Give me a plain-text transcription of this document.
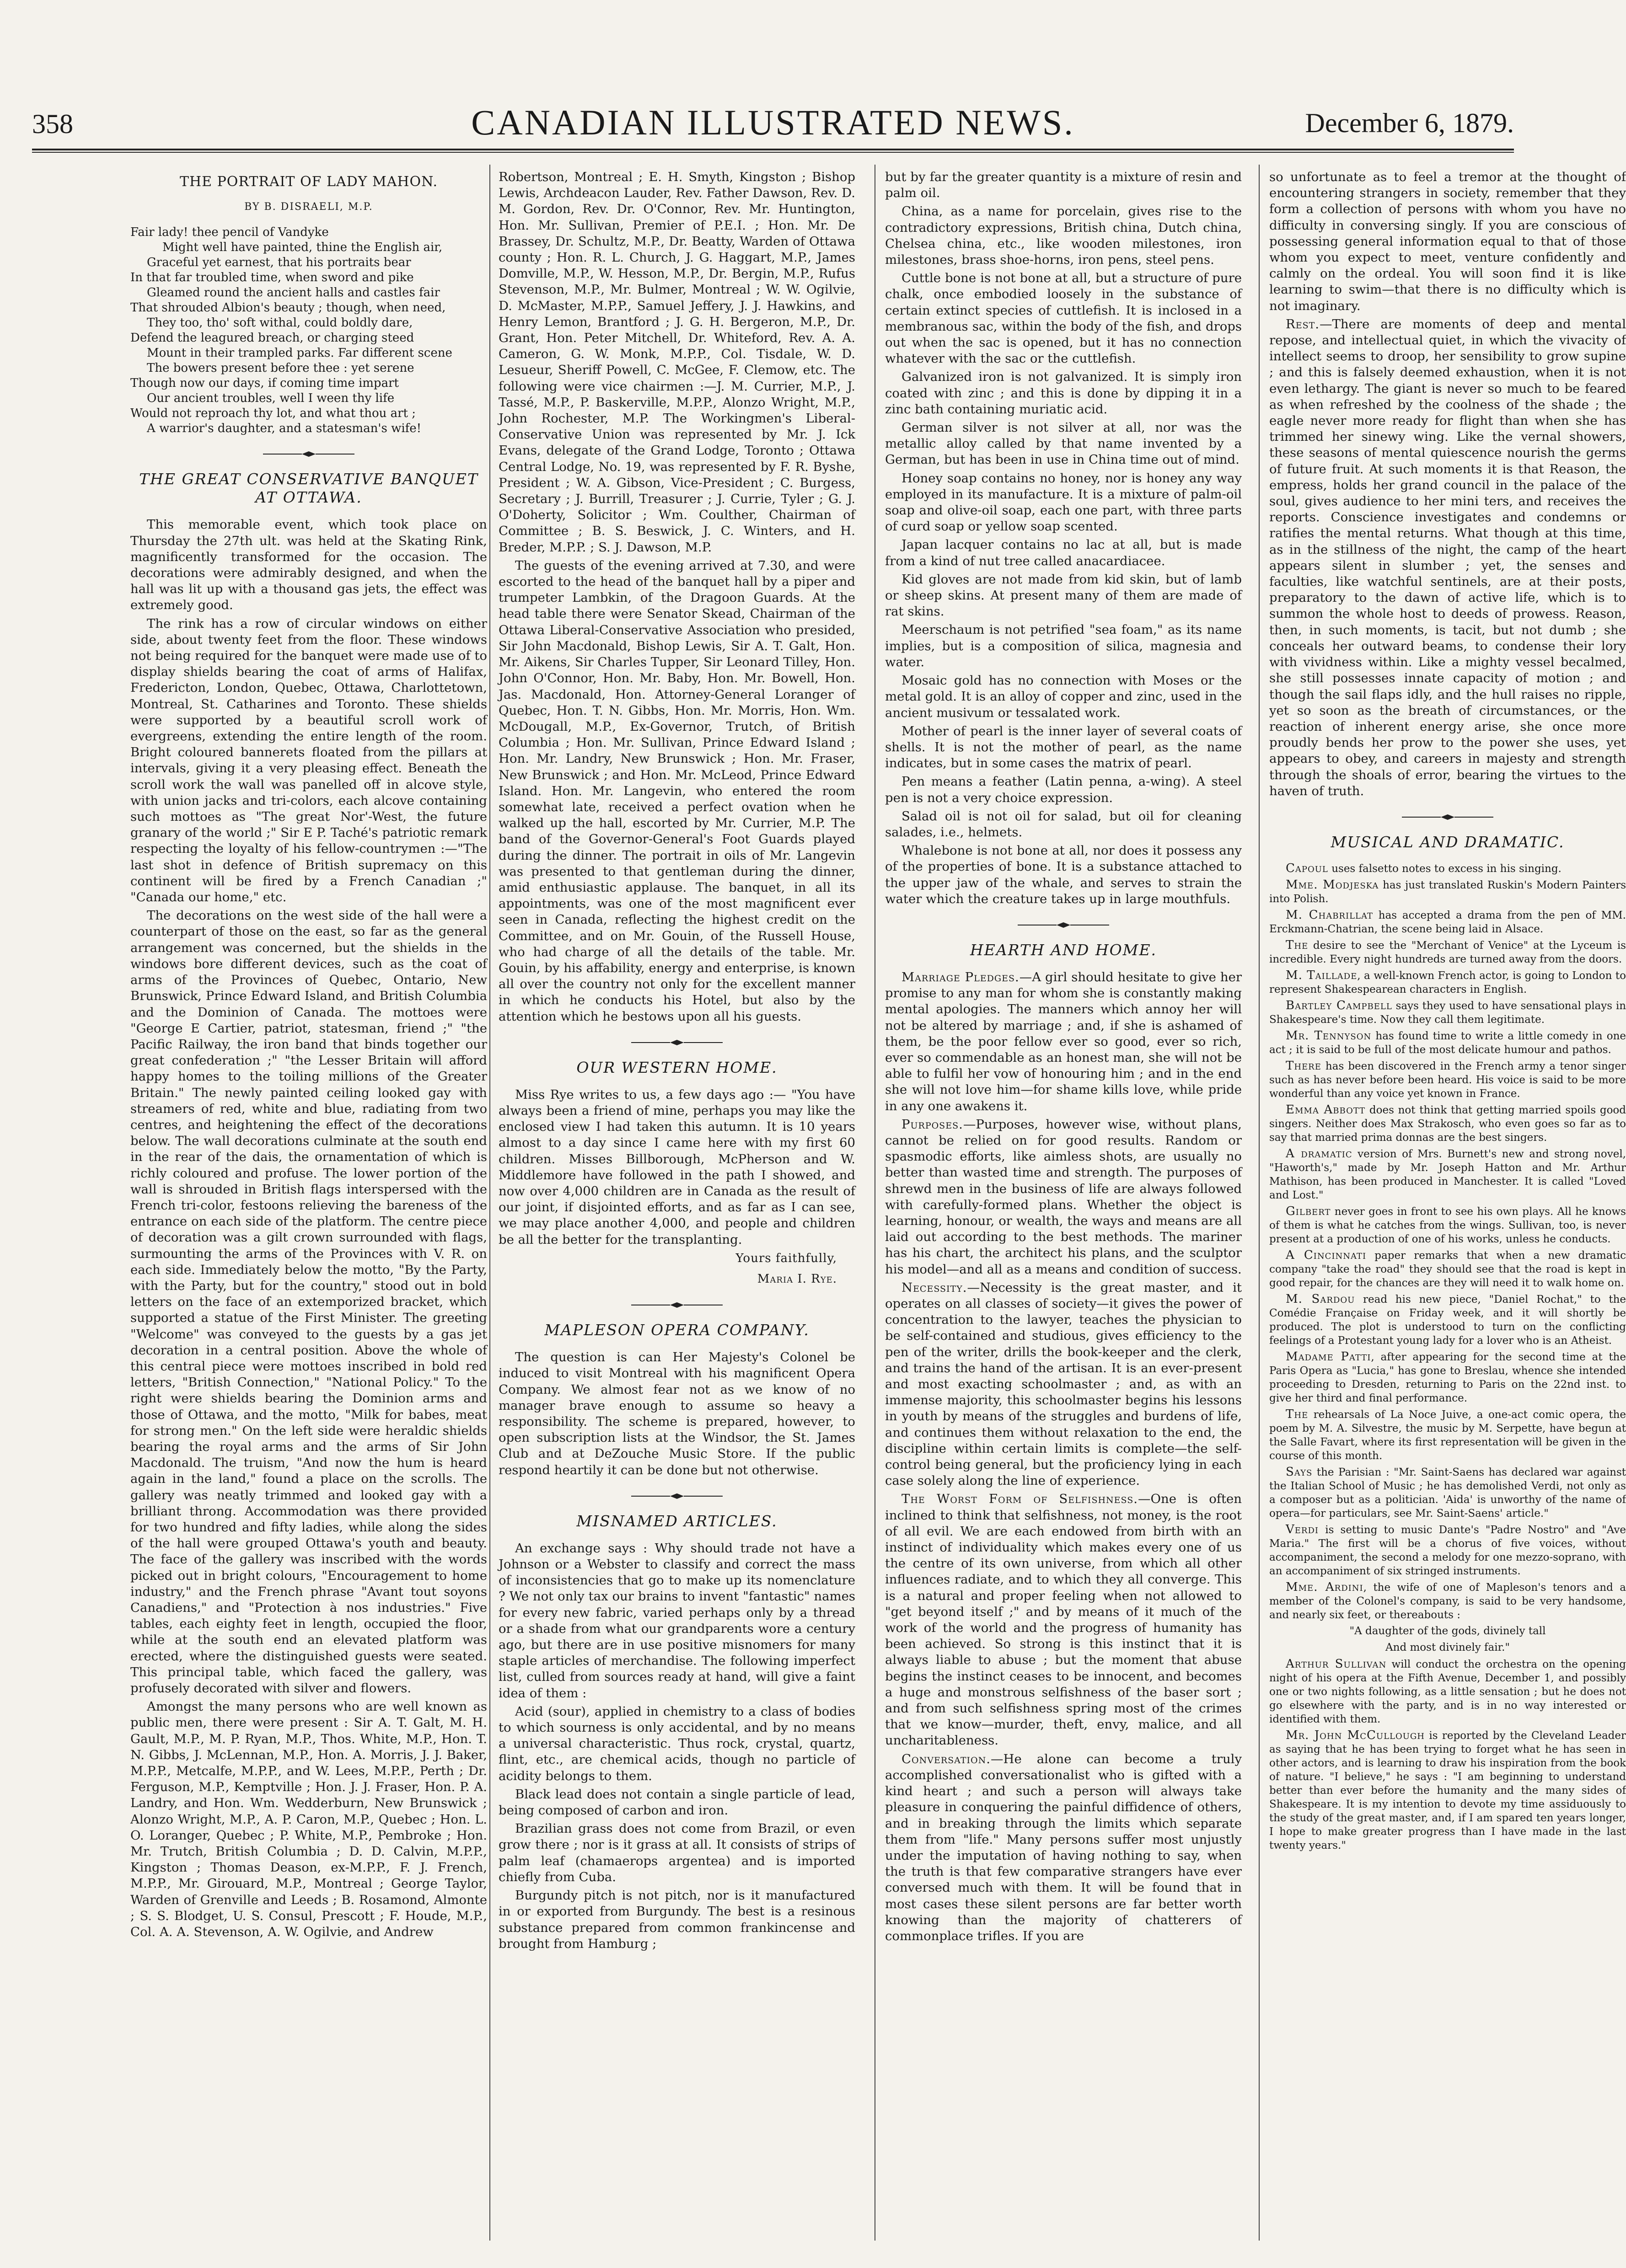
358	CANADIAN ILLUSTRATED NEWS.	December 6, 1879.
THE PORTRAIT OF LADY MAHON.
BY B. DISRAELI, M.P.
Fair lady! thee pencil of Vandyke
Might well have painted, thine the English air,
Graceful yet earnest, that his portraits bear
In that far troubled time, when sword and pike
Gleamed round the ancient halls and castles fair
That shrouded Albion's beauty ; though, when need,
They too, tho' soft withal, could boldly dare,
Defend the leagured breach, or charging steed
Mount in their trampled parks. Far different scene
The bowers present before thee : yet serene
Though now our days, if coming time impart
Our ancient troubles, well I ween thy life
Would not reproach thy lot, and what thou art ;
A warrior's daughter, and a statesman's wife!
THE GREAT CONSERVATIVE BANQUET AT OTTAWA.

This memorable event, which took place on Thursday the 27th ult. was held at the Skating Rink, magnificently transformed for the occasion. The decorations were admirably designed, and when the hall was lit up with a thousand gas jets, the effect was extremely good.

The rink has a row of circular windows on either side, about twenty feet from the floor. These windows not being required for the banquet were made use of to display shields bearing the coat of arms of Halifax, Fredericton, London, Quebec, Ottawa, Charlottetown, Montreal, St. Catharines and Toronto. These shields were supported by a beautiful scroll work of evergreens, extending the entire length of the room. Bright coloured bannerets floated from the pillars at intervals, giving it a very pleasing effect. Beneath the scroll work the wall was panelled off in alcove style, with union jacks and tri-colors, each alcove containing such mottoes as "The great Nor'-West, the future granary of the world ;" Sir E P. Taché's patriotic remark respecting the loyalty of his fellow-countrymen :—"The last shot in defence of British supremacy on this continent will be fired by a French Canadian ;" "Canada our home," etc.

The decorations on the west side of the hall were a counterpart of those on the east, so far as the general arrangement was concerned, but the shields in the windows bore different devices, such as the coat of arms of the Provinces of Quebec, Ontario, New Brunswick, Prince Edward Island, and British Columbia and the Dominion of Canada. The mottoes were "George E Cartier, patriot, statesman, friend ;" "the Pacific Railway, the iron band that binds together our great confederation ;" "the Lesser Britain will afford happy homes to the toiling millions of the Greater Britain." The newly painted ceiling looked gay with streamers of red, white and blue, radiating from two centres, and heightening the effect of the decorations below. The wall decorations culminate at the south end in the rear of the dais, the ornamentation of which is richly coloured and profuse. The lower portion of the wall is shrouded in British flags interspersed with the French tri-color, festoons relieving the bareness of the entrance on each side of the platform. The centre piece of decoration was a gilt crown surrounded with flags, surmounting the arms of the Provinces with V. R. on each side. Immediately below the motto, "By the Party, with the Party, but for the country," stood out in bold letters on the face of an extemporized bracket, which supported a statue of the First Minister. The greeting "Welcome" was conveyed to the guests by a gas jet decoration in a central position. Above the whole of this central piece were mottoes inscribed in bold red letters, "British Connection," "National Policy." To the right were shields bearing the Dominion arms and those of Ottawa, and the motto, "Milk for babes, meat for strong men." On the left side were heraldic shields bearing the royal arms and the arms of Sir John Macdonald. The truism, "And now the hum is heard again in the land," found a place on the scrolls. The gallery was neatly trimmed and looked gay with a brilliant throng. Accommodation was there provided for two hundred and fifty ladies, while along the sides of the hall were grouped Ottawa's youth and beauty. The face of the gallery was inscribed with the words picked out in bright colours, "Encouragement to home industry," and the French phrase "Avant tout soyons Canadiens," and "Protection à nos industries." Five tables, each eighty feet in length, occupied the floor, while at the south end an elevated platform was erected, where the distinguished guests were seated. This principal table, which faced the gallery, was profusely decorated with silver and flowers.

Amongst the many persons who are well known as public men, there were present : Sir A. T. Galt, M. H. Gault, M.P., M. P. Ryan, M.P., Thos. White, M.P., Hon. T. N. Gibbs, J. McLennan, M.P., Hon. A. Morris, J. J. Baker, M.P.P., Metcalfe, M.P.P., and W. Lees, M.P.P., Perth ; Dr. Ferguson, M.P., Kemptville ; Hon. J. J. Fraser, Hon. P. A. Landry, and Hon. Wm. Wedderburn, New Brunswick ; Alonzo Wright, M.P., A. P. Caron, M.P., Quebec ; Hon. L. O. Loranger, Quebec ; P. White, M.P., Pembroke ; Hon. Mr. Trutch, British Columbia ; D. D. Calvin, M.P.P., Kingston ; Thomas Deason, ex-M.P.P., F. J. French, M.P.P., Mr. Girouard, M.P., Montreal ; George Taylor, Warden of Grenville and Leeds ; B. Rosamond, Almonte ; S. S. Blodget, U. S. Consul, Prescott ; F. Houde, M.P., Col. A. A. Stevenson, A. W. Ogilvie, and Andrew

Robertson, Montreal ; E. H. Smyth, Kingston ; Bishop Lewis, Archdeacon Lauder, Rev. Father Dawson, Rev. D. M. Gordon, Rev. Dr. O'Connor, Rev. Mr. Huntington, Hon. Mr. Sullivan, Premier of P.E.I. ; Hon. Mr. De Brassey, Dr. Schultz, M.P., Dr. Beatty, Warden of Ottawa county ; Hon. R. L. Church, J. G. Haggart, M.P., James Domville, M.P., W. Hesson, M.P., Dr. Bergin, M.P., Rufus Stevenson, M.P., Mr. Bulmer, Montreal ; W. W. Ogilvie, D. McMaster, M.P.P., Samuel Jeffery, J. J. Hawkins, and Henry Lemon, Brantford ; J. G. H. Bergeron, M.P., Dr. Grant, Hon. Peter Mitchell, Dr. Whiteford, Rev. A. A. Cameron, G. W. Monk, M.P.P., Col. Tisdale, W. D. Lesueur, Sheriff Powell, C. McGee, F. Clemow, etc. The following were vice chairmen :—J. M. Currier, M.P., J. Tassé, M.P., P. Baskerville, M.P.P., Alonzo Wright, M.P., John Rochester, M.P. The Workingmen's Liberal-Conservative Union was represented by Mr. J. Ick Evans, delegate of the Grand Lodge, Toronto ; Ottawa Central Lodge, No. 19, was represented by F. R. Byshe, President ; W. A. Gibson, Vice-President ; C. Burgess, Secretary ; J. Burrill, Treasurer ; J. Currie, Tyler ; G. J. O'Doherty, Solicitor ; Wm. Coulther, Chairman of Committee ; B. S. Beswick, J. C. Winters, and H. Breder, M.P.P. ; S. J. Dawson, M.P.

The guests of the evening arrived at 7.30, and were escorted to the head of the banquet hall by a piper and trumpeter Lambkin, of the Dragoon Guards. At the head table there were Senator Skead, Chairman of the Ottawa Liberal-Conservative Association who presided, Sir John Macdonald, Bishop Lewis, Sir A. T. Galt, Hon. Mr. Aikens, Sir Charles Tupper, Sir Leonard Tilley, Hon. John O'Connor, Hon. Mr. Baby, Hon. Mr. Bowell, Hon. Jas. Macdonald, Hon. Attorney-General Loranger of Quebec, Hon. T. N. Gibbs, Hon. Mr. Morris, Hon. Wm. McDougall, M.P., Ex-Governor, Trutch, of British Columbia ; Hon. Mr. Sullivan, Prince Edward Island ; Hon. Mr. Landry, New Brunswick ; Hon. Mr. Fraser, New Brunswick ; and Hon. Mr. McLeod, Prince Edward Island. Hon. Mr. Langevin, who entered the room somewhat late, received a perfect ovation when he walked up the hall, escorted by Mr. Currier, M.P. The band of the Governor-General's Foot Guards played during the dinner. The portrait in oils of Mr. Langevin was presented to that gentleman during the dinner, amid enthusiastic applause. The banquet, in all its appointments, was one of the most magnificent ever seen in Canada, reflecting the highest credit on the Committee, and on Mr. Gouin, of the Russell House, who had charge of all the details of the table. Mr. Gouin, by his affability, energy and enterprise, is known all over the country not only for the excellent manner in which he conducts his Hotel, but also by the attention which he bestows upon all his guests.

OUR WESTERN HOME.

Miss Rye writes to us, a few days ago :— "You have always been a friend of mine, perhaps you may like the enclosed view I had taken this autumn. It is 10 years almost to a day since I came here with my first 60 children. Misses Billborough, McPherson and W. Middlemore have followed in the path I showed, and now over 4,000 children are in Canada as the result of our joint, if disjointed efforts, and as far as I can see, we may place another 4,000, and people and children be all the better for the transplanting.

Yours faithfully,
Maria I. Rye.
MAPLESON OPERA COMPANY.

The question is can Her Majesty's Colonel be induced to visit Montreal with his magnificent Opera Company. We almost fear not as we know of no manager brave enough to assume so heavy a responsibility. The scheme is prepared, however, to open subscription lists at the Windsor, the St. James Club and at DeZouche Music Store. If the public respond heartily it can be done but not otherwise.

MISNAMED ARTICLES.

An exchange says : Why should trade not have a Johnson or a Webster to classify and correct the mass of inconsistencies that go to make up its nomenclature ? We not only tax our brains to invent "fantastic" names for every new fabric, varied perhaps only by a thread or a shade from what our grandparents wore a century ago, but there are in use positive misnomers for many staple articles of merchandise. The following imperfect list, culled from sources ready at hand, will give a faint idea of them :

Acid (sour), applied in chemistry to a class of bodies to which sourness is only accidental, and by no means a universal characteristic. Thus rock, crystal, quartz, flint, etc., are chemical acids, though no particle of acidity belongs to them.

Black lead does not contain a single particle of lead, being composed of carbon and iron.

Brazilian grass does not come from Brazil, or even grow there ; nor is it grass at all. It consists of strips of palm leaf (chamaerops argentea) and is imported chiefly from Cuba.

Burgundy pitch is not pitch, nor is it manufactured in or exported from Burgundy. The best is a resinous substance prepared from common frankincense and brought from Hamburg ;

but by far the greater quantity is a mixture of resin and palm oil.

China, as a name for porcelain, gives rise to the contradictory expressions, British china, Dutch china, Chelsea china, etc., like wooden milestones, iron milestones, brass shoe-horns, iron pens, steel pens.

Cuttle bone is not bone at all, but a structure of pure chalk, once embodied loosely in the substance of certain extinct species of cuttlefish. It is inclosed in a membranous sac, within the body of the fish, and drops out when the sac is opened, but it has no connection whatever with the sac or the cuttlefish.

Galvanized iron is not galvanized. It is simply iron coated with zinc ; and this is done by dipping it in a zinc bath containing muriatic acid.

German silver is not silver at all, nor was the metallic alloy called by that name invented by a German, but has been in use in China time out of mind.

Honey soap contains no honey, nor is honey any way employed in its manufacture. It is a mixture of palm-oil soap and olive-oil soap, each one part, with three parts of curd soap or yellow soap scented.

Japan lacquer contains no lac at all, but is made from a kind of nut tree called anacardiacee.

Kid gloves are not made from kid skin, but of lamb or sheep skins. At present many of them are made of rat skins.

Meerschaum is not petrified "sea foam," as its name implies, but is a composition of silica, magnesia and water.

Mosaic gold has no connection with Moses or the metal gold. It is an alloy of copper and zinc, used in the ancient musivum or tessalated work.

Mother of pearl is the inner layer of several coats of shells. It is not the mother of pearl, as the name indicates, but in some cases the matrix of pearl.

Pen means a feather (Latin penna, a-wing). A steel pen is not a very choice expression.

Salad oil is not oil for salad, but oil for cleaning salades, i.e., helmets.

Whalebone is not bone at all, nor does it possess any of the properties of bone. It is a substance attached to the upper jaw of the whale, and serves to strain the water which the creature takes up in large mouthfuls.

HEARTH AND HOME.

Marriage Pledges.—A girl should hesitate to give her promise to any man for whom she is constantly making mental apologies. The manners which annoy her will not be altered by marriage ; and, if she is ashamed of them, be the poor fellow ever so good, ever so rich, ever so commendable as an honest man, she will not be able to fulfil her vow of honouring him ; and in the end she will not love him—for shame kills love, while pride in any one awakens it.

Purposes.—Purposes, however wise, without plans, cannot be relied on for good results. Random or spasmodic efforts, like aimless shots, are usually no better than wasted time and strength. The purposes of shrewd men in the business of life are always followed with carefully-formed plans. Whether the object is learning, honour, or wealth, the ways and means are all laid out according to the best methods. The mariner has his chart, the architect his plans, and the sculptor his model—and all as a means and condition of success.

Necessity.—Necessity is the great master, and it operates on all classes of society—it gives the power of concentration to the lawyer, teaches the physician to be self-contained and studious, gives efficiency to the pen of the writer, drills the book-keeper and the clerk, and trains the hand of the artisan. It is an ever-present and most exacting schoolmaster ; and, as with an immense majority, this schoolmaster begins his lessons in youth by means of the struggles and burdens of life, and continues them without relaxation to the end, the discipline within certain limits is complete—the self-control being general, but the proficiency lying in each case solely along the line of experience.

The Worst Form of Selfishness.—One is often inclined to think that selfishness, not money, is the root of all evil. We are each endowed from birth with an instinct of individuality which makes every one of us the centre of its own universe, from which all other influences radiate, and to which they all converge. This is a natural and proper feeling when not allowed to "get beyond itself ;" and by means of it much of the work of the world and the progress of humanity has been achieved. So strong is this instinct that it is always liable to abuse ; but the moment that abuse begins the instinct ceases to be innocent, and becomes a huge and monstrous selfishness of the baser sort ; and from such selfishness spring most of the crimes that we know—murder, theft, envy, malice, and all uncharitableness.

Conversation.—He alone can become a truly accomplished conversationalist who is gifted with a kind heart ; and such a person will always take pleasure in conquering the painful diffidence of others, and in breaking through the limits which separate them from "life." Many persons suffer most unjustly under the imputation of having nothing to say, when the truth is that few comparative strangers have ever conversed much with them. It will be found that in most cases these silent persons are far better worth knowing than the majority of chatterers of commonplace trifles. If you are

so unfortunate as to feel a tremor at the thought of encountering strangers in society, remember that they form a collection of persons with whom you have no difficulty in conversing singly. If you are conscious of possessing general information equal to that of those whom you expect to meet, venture confidently and calmly on the ordeal. You will soon find it is like learning to swim—that there is no difficulty which is not imaginary.

Rest.—There are moments of deep and mental repose, and intellectual quiet, in which the vivacity of intellect seems to droop, her sensibility to grow supine ; and this is falsely deemed exhaustion, when it is not even lethargy. The giant is never so much to be feared as when refreshed by the coolness of the shade ; the eagle never more ready for flight than when she has trimmed her sinewy wing. Like the vernal showers, these seasons of mental quiescence nourish the germs of future fruit. At such moments it is that Reason, the empress, holds her grand council in the palace of the soul, gives audience to her mini ters, and receives the reports. Conscience investigates and condemns or ratifies the mental returns. What though at this time, as in the stillness of the night, the camp of the heart appears silent in slumber ; yet, the senses and faculties, like watchful sentinels, are at their posts, preparatory to the dawn of active life, which is to summon the whole host to deeds of prowess. Reason, then, in such moments, is tacit, but not dumb ; she conceals her outward beams, to condense their lory with vividness within. Like a mighty vessel becalmed, she still possesses innate capacity of motion ; and though the sail flaps idly, and the hull raises no ripple, yet so soon as the breath of circumstances, or the reaction of inherent energy arise, she once more proudly bends her prow to the power she uses, yet appears to obey, and careers in majesty and strength through the shoals of error, bearing the virtues to the haven of truth.

MUSICAL AND DRAMATIC.

Capoul uses falsetto notes to excess in his singing.

Mme. Modjeska has just translated Ruskin's Modern Painters into Polish.

M. Chabrillat has accepted a drama from the pen of MM. Erckmann-Chatrian, the scene being laid in Alsace.

The desire to see the "Merchant of Venice" at the Lyceum is incredible. Every night hundreds are turned away from the doors.

M. Taillade, a well-known French actor, is going to London to represent Shakespearean characters in English.

Bartley Campbell says they used to have sensational plays in Shakespeare's time. Now they call them legitimate.

Mr. Tennyson has found time to write a little comedy in one act ; it is said to be full of the most delicate humour and pathos.

There has been discovered in the French army a tenor singer such as has never before been heard. His voice is said to be more wonderful than any voice yet known in France.

Emma Abbott does not think that getting married spoils good singers. Neither does Max Strakosch, who even goes so far as to say that married prima donnas are the best singers.

A dramatic version of Mrs. Burnett's new and strong novel, "Haworth's," made by Mr. Joseph Hatton and Mr. Arthur Mathison, has been produced in Manchester. It is called "Loved and Lost."

Gilbert never goes in front to see his own plays. All he knows of them is what he catches from the wings. Sullivan, too, is never present at a production of one of his works, unless he conducts.

A Cincinnati paper remarks that when a new dramatic company "take the road" they should see that the road is kept in good repair, for the chances are they will need it to walk home on.

M. Sardou read his new piece, "Daniel Rochat," to the Comédie Française on Friday week, and it will shortly be produced. The plot is understood to turn on the conflicting feelings of a Protestant young lady for a lover who is an Atheist.

Madame Patti, after appearing for the second time at the Paris Opera as "Lucia," has gone to Breslau, whence she intended proceeding to Dresden, returning to Paris on the 22nd inst. to give her third and final performance.

The rehearsals of La Noce Juive, a one-act comic opera, the poem by M. A. Silvestre, the music by M. Serpette, have begun at the Salle Favart, where its first representation will be given in the course of this month.

Says the Parisian : "Mr. Saint-Saens has declared war against the Italian School of Music ; he has demolished Verdi, not only as a composer but as a politician. 'Aida' is unworthy of the name of opera—for particulars, see Mr. Saint-Saens' article."

Verdi is setting to music Dante's "Padre Nostro" and "Ave Maria." The first will be a chorus of five voices, without accompaniment, the second a melody for one mezzo-soprano, with an accompaniment of six stringed instruments.

Mme. Ardini, the wife of one of Mapleson's tenors and a member of the Colonel's company, is said to be very handsome, and nearly six feet, or thereabouts :

"A daughter of the gods, divinely tall
And most divinely fair."

Arthur Sullivan will conduct the orchestra on the opening night of his opera at the Fifth Avenue, December 1, and possibly one or two nights following, as a little sensation ; but he does not go elsewhere with the party, and is in no way interested or identified with them.

Mr. John McCullough is reported by the Cleveland Leader as saying that he has been trying to forget what he has seen in other actors, and is learning to draw his inspiration from the book of nature. "I believe," he says : "I am beginning to understand better than ever before the humanity and the many sides of Shakespeare. It is my intention to devote my time assiduously to the study of the great master, and, if I am spared ten years longer, I hope to make greater progress than I have made in the last twenty years."
